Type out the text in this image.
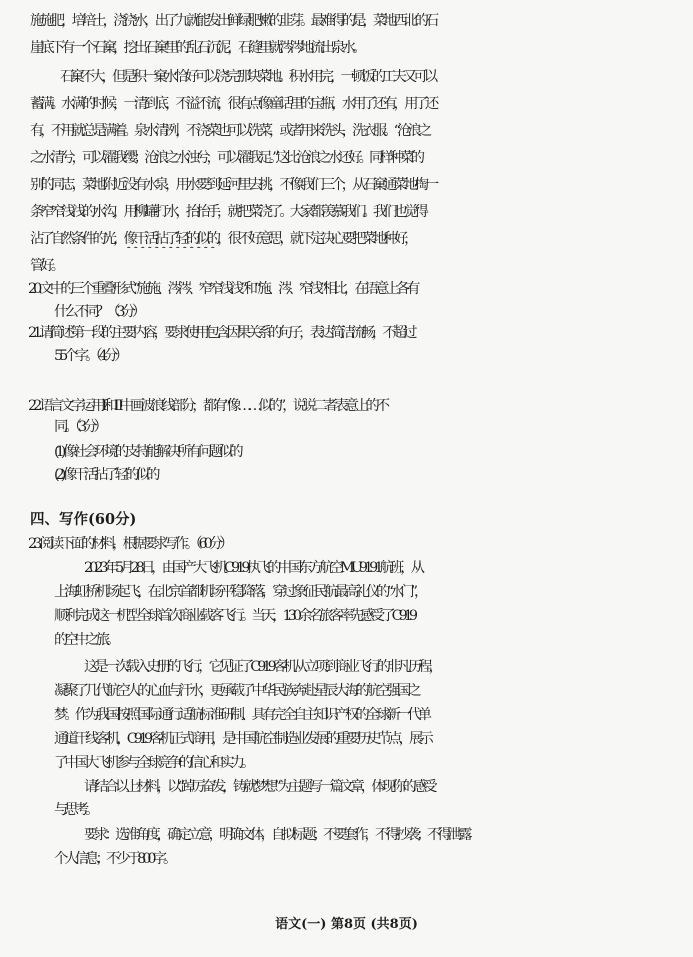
施施肥，培培土，浇浇水，出了九就能发出鲜绿肥嫩的韭芽。最难得的是，菜地西北的石
崖底下有一个石窠，挖出石窠里的乱石沉泥，石缝里就涔涔地流出泉水。
石窠不大，但是积一窠水恰好可以浇完那块菜地。积水用完，一顿饭的工夫又可以
蓄满。水满的时候，一清到底，不溢不流，很有点像童话里的宝瓶，水用了还有，用了还
有，不用就总是满着。泉水清冽，不浇菜也可以洗菜，或者用来洗头，洗衣服。“沧浪之
之水清兮，可以濯我缨；沧浪之水浊兮，可以濯我足。”这比沧浪之水还好。同样种菜的
别的同志，菜地附近没有水泉，用水要到延河里去挑，不像我们三个，从石窠通菜地掏一
条窄窄浅浅的水沟，用柳罐打水，抬抬手，就把菜浇了。大家都羡慕我们。我们也觉得
沾了自然条件的光，像干活拈了轻的似的，很不好意思，就下定决心要把菜地种好，
管好。
20. 文中的三个重叠形式“施施、涔涔、窄窄浅浅”和“施、涔、窄浅”相比，在语意上各有
什么不同？（3分）
21. 请简述第一段的主要内容，要求使用包含因果关系的句子，表达简洁流畅，不超过
55个字。（4分）
22. 语言文字运用Ⅰ和Ⅱ中画波浪线部分，都有“像……似的”，说说二者表意上的不
同。（3分）
(1) 像社会环境的支持能解决所有问题似的
(2) 像干活拈了轻的似的
四、写作(60分)
23. 阅读下面的材料，根据要求写作。（60分）
2023年5月28日，由国产大飞机C919执飞的中国东方航空MU9191航班，从
上海虹桥机场起飞，在北京首都机场平稳降落，穿过象征民航最高礼仪的“水门”，
顺利完成这一机型全球首次商业载客飞行。当天，130余名旅客率先感受了C919
的空中之旅。
这是一次载入史册的飞行，它见证了C919客机从立项到商业飞行的非凡历程，
凝聚了几代航空人的心血与汗水，更承载了中华民族奔赴星辰大海的航空强国之
梦。作为我国按照国际通行适航标准研制、具有完全自主知识产权的全球新一代单
通道干线客机，C919客机正式商用，是中国航空制造业发展的重要历史节点，展示
了中国大飞机参与全球竞争的信心和实力。
请结合以上材料，以“踔厉奋发，铸就梦想”为主题写一篇文章，体现你的感受
与思考。
要求：选准角度，确定立意，明确文体，自拟标题；不要套作，不得抄袭；不得泄露
个人信息；不少于800字。
语文(一) 第8页 (共8页)
